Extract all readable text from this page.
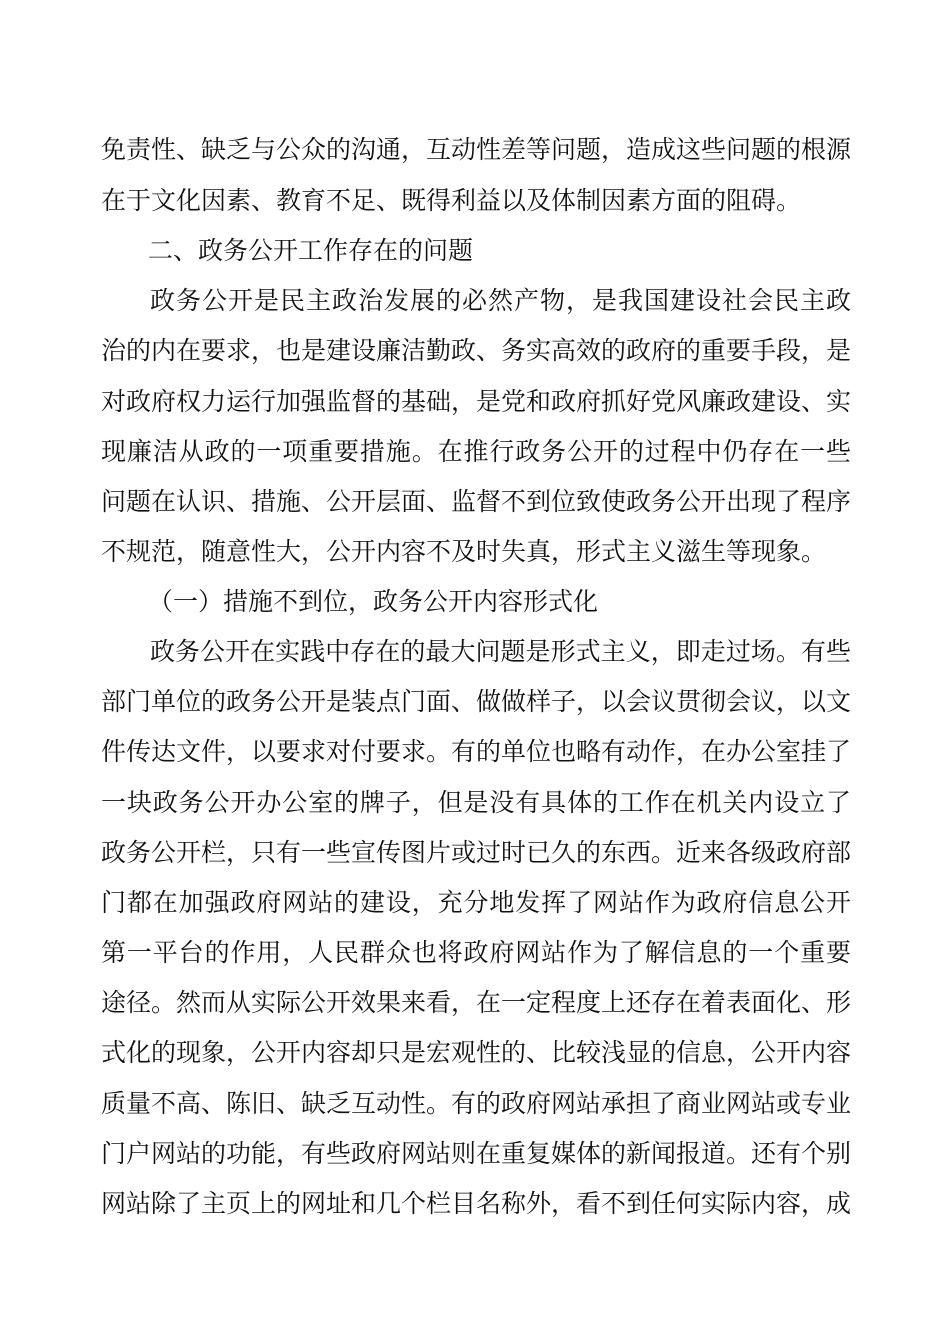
免责性、缺乏与公众的沟通，互动性差等问题，造成这些问题的根源
在于文化因素、教育不足、既得利益以及体制因素方面的阻碍。
二、政务公开工作存在的问题
政务公开是民主政治发展的必然产物，是我国建设社会民主政
治的内在要求，也是建设廉洁勤政、务实高效的政府的重要手段，是
对政府权力运行加强监督的基础，是党和政府抓好党风廉政建设、实
现廉洁从政的一项重要措施。在推行政务公开的过程中仍存在一些
问题在认识、措施、公开层面、监督不到位致使政务公开出现了程序
不规范，随意性大，公开内容不及时失真，形式主义滋生等现象。
（一）措施不到位，政务公开内容形式化
政务公开在实践中存在的最大问题是形式主义，即走过场。有些
部门单位的政务公开是装点门面、做做样子，以会议贯彻会议，以文
件传达文件，以要求对付要求。有的单位也略有动作，在办公室挂了
一块政务公开办公室的牌子，但是没有具体的工作在机关内设立了
政务公开栏，只有一些宣传图片或过时已久的东西。近来各级政府部
门都在加强政府网站的建设，充分地发挥了网站作为政府信息公开
第一平台的作用，人民群众也将政府网站作为了解信息的一个重要
途径。然而从实际公开效果来看，在一定程度上还存在着表面化、形
式化的现象，公开内容却只是宏观性的、比较浅显的信息，公开内容
质量不高、陈旧、缺乏互动性。有的政府网站承担了商业网站或专业
门户网站的功能，有些政府网站则在重复媒体的新闻报道。还有个别
网站除了主页上的网址和几个栏目名称外，看不到任何实际内容，成
